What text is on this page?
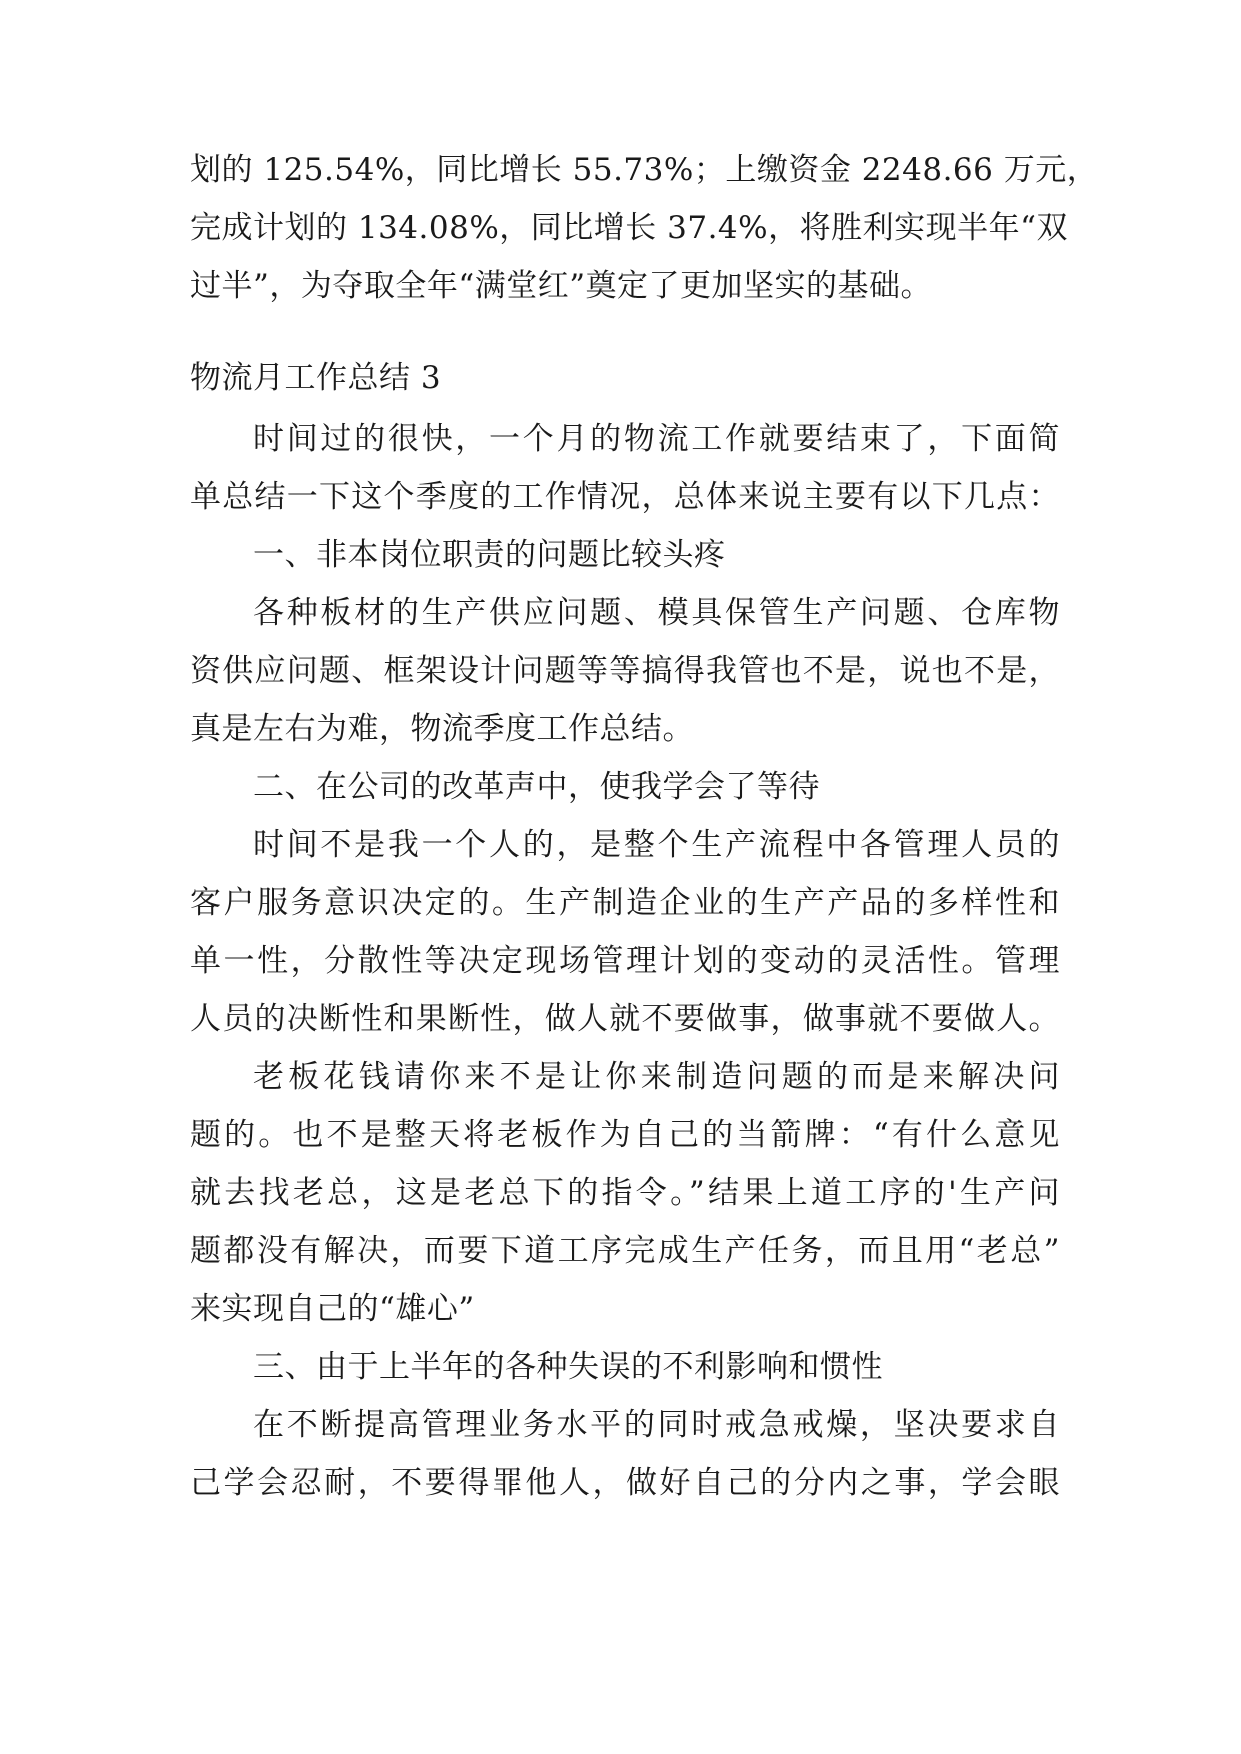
划的 125.54%，同比增长 55.73%；上缴资金 2248.66 万元，
完成计划的 134.08%，同比增长 37.4%，将胜利实现半年“双
过半”，为夺取全年“满堂红”奠定了更加坚实的基础。
物流月工作总结 3
时间过的很快，一个月的物流工作就要结束了，下面简
单总结一下这个季度的工作情况，总体来说主要有以下几点：
一、非本岗位职责的问题比较头疼
各种板材的生产供应问题、模具保管生产问题、仓库物
资供应问题、框架设计问题等等搞得我管也不是，说也不是，
真是左右为难，物流季度工作总结。
二、在公司的改革声中，使我学会了等待
时间不是我一个人的，是整个生产流程中各管理人员的
客户服务意识决定的。生产制造企业的生产产品的多样性和
单一性，分散性等决定现场管理计划的变动的灵活性。管理
人员的决断性和果断性，做人就不要做事，做事就不要做人。
老板花钱请你来不是让你来制造问题的而是来解决问
题的。也不是整天将老板作为自己的当箭牌：“有什么意见
就去找老总，这是老总下的指令。”结果上道工序的'生产问
题都没有解决，而要下道工序完成生产任务，而且用“老总”
来实现自己的“雄心”
三、由于上半年的各种失误的不利影响和惯性
在不断提高管理业务水平的同时戒急戒燥，坚决要求自
己学会忍耐，不要得罪他人，做好自己的分内之事，学会眼
